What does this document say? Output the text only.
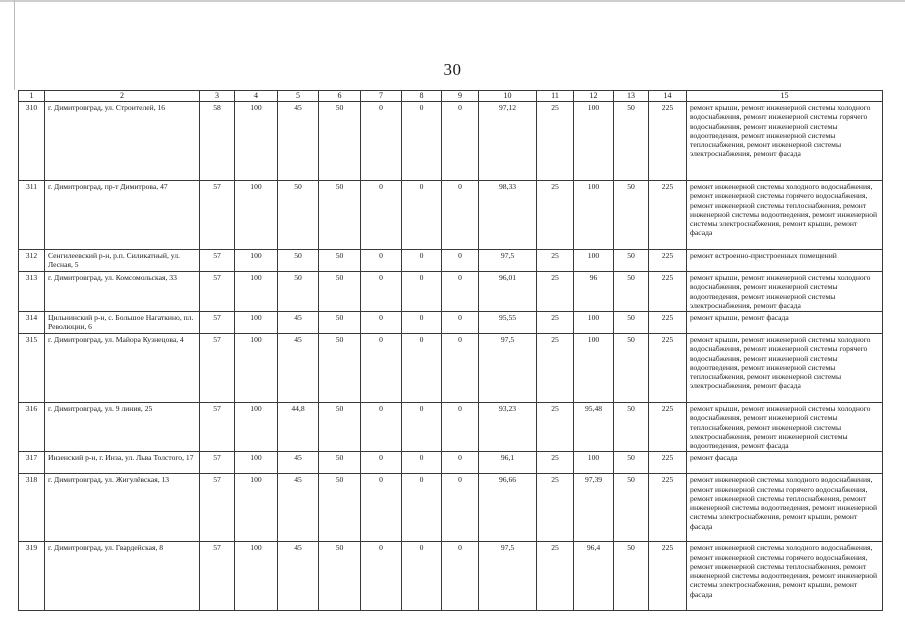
30
1	2	3	4	5	6	7	8	9	10	11	12	13	14	15
310	г. Димитровград, ул. Строителей, 16	58	100	45	50	0	0	0	97,12	25	100	50	225	ремонт крыши, ремонт инженерной системы холодного водоснабжения, ремонт инженерной системы горячего водоснабжения, ремонт инженерной системы водоотведения, ремонт инженерной системы теплоснабжения, ремонт инженерной системы электроснабжения, ремонт фасада
311	г. Димитровград, пр-т Димитрова, 47	57	100	50	50	0	0	0	98,33	25	100	50	225	ремонт инженерной системы холодного водоснабжения, ремонт инженерной системы горячего водоснабжения, ремонт инженерной системы теплоснабжения, ремонт инженерной системы водоотведения, ремонт инженерной системы электроснабжения, ремонт крыши, ремонт фасада
312	Сенгилеевский р-н, р.п. Силикатный, ул. Лесная, 5	57	100	50	50	0	0	0	97,5	25	100	50	225	ремонт встроенно-пристроенных помещений
313	г. Димитровград, ул. Комсомольская, 33	57	100	50	50	0	0	0	96,01	25	96	50	225	ремонт крыши, ремонт инженерной системы холодного водоснабжения, ремонт инженерной системы водоотведения, ремонт инженерной системы электроснабжения, ремонт фасада
314	Цильнинский р-н, с. Большое Нагаткино, пл. Революции, 6	57	100	45	50	0	0	0	95,55	25	100	50	225	ремонт крыши, ремонт фасада
315	г. Димитровград, ул. Майора Кузнецова, 4	57	100	45	50	0	0	0	97,5	25	100	50	225	ремонт крыши, ремонт инженерной системы холодного водоснабжения, ремонт инженерной системы горячего водоснабжения, ремонт инженерной системы водоотведения, ремонт инженерной системы теплоснабжения, ремонт инженерной системы электроснабжения, ремонт фасада
316	г. Димитровград, ул. 9 линия, 25	57	100	44,8	50	0	0	0	93,23	25	95,48	50	225	ремонт крыши, ремонт инженерной системы холодного водоснабжения, ремонт инженерной системы теплоснабжения, ремонт инженерной системы электроснабжения, ремонт инженерной системы водоотведения, ремонт фасада
317	Инзенский р-н, г. Инза, ул. Льва Толстого, 17	57	100	45	50	0	0	0	96,1	25	100	50	225	ремонт фасада
318	г. Димитровград, ул. Жигулёвская, 13	57	100	45	50	0	0	0	96,66	25	97,39	50	225	ремонт инженерной системы холодного водоснабжения, ремонт инженерной системы горячего водоснабжения, ремонт инженерной системы теплоснабжения, ремонт инженерной системы водоотведения, ремонт инженерной системы электроснабжения, ремонт крыши, ремонт фасада
319	г. Димитровград, ул. Гвардейская, 8	57	100	45	50	0	0	0	97,5	25	96,4	50	225	ремонт инженерной системы холодного водоснабжения, ремонт инженерной системы горячего водоснабжения, ремонт инженерной системы теплоснабжения, ремонт инженерной системы водоотведения, ремонт инженерной системы электроснабжения, ремонт крыши, ремонт фасада
